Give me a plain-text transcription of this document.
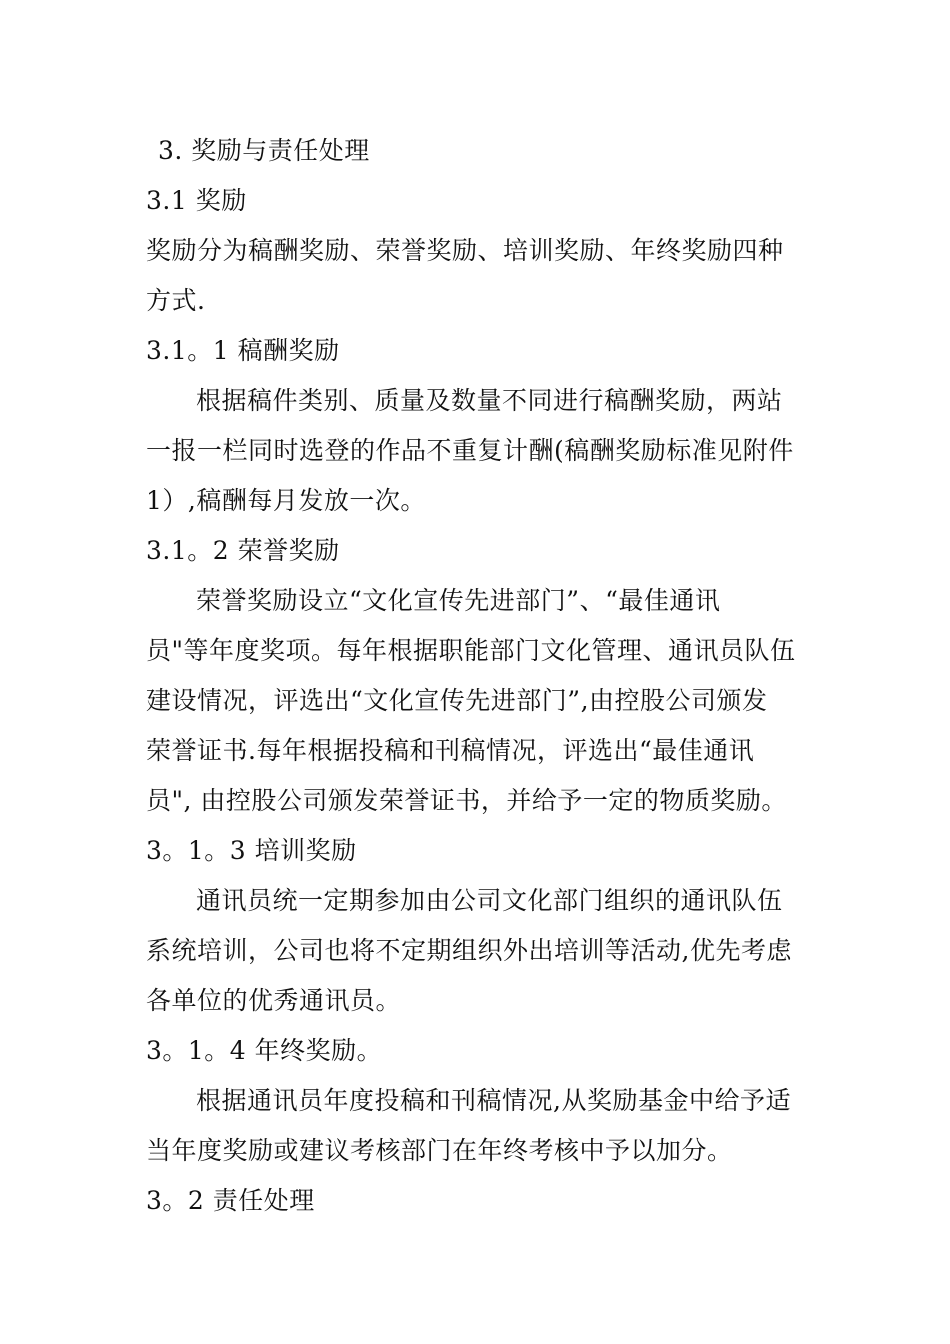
3. 奖励与责任处理
3.1 奖励
奖励分为稿酬奖励、荣誉奖励、培训奖励、年终奖励四种
方式.
3.1。1 稿酬奖励
根据稿件类别、质量及数量不同进行稿酬奖励，两站
一报一栏同时选登的作品不重复计酬(稿酬奖励标准见附件
1）,稿酬每月发放一次。
3.1。2 荣誉奖励
荣誉奖励设立“文化宣传先进部门”、“最佳通讯
员"等年度奖项。每年根据职能部门文化管理、通讯员队伍
建设情况，评选出“文化宣传先进部门”,由控股公司颁发
荣誉证书.每年根据投稿和刊稿情况，评选出“最佳通讯
员", 由控股公司颁发荣誉证书，并给予一定的物质奖励。
3。1。3 培训奖励
通讯员统一定期参加由公司文化部门组织的通讯队伍
系统培训，公司也将不定期组织外出培训等活动,优先考虑
各单位的优秀通讯员。
3。1。4 年终奖励。
根据通讯员年度投稿和刊稿情况,从奖励基金中给予适
当年度奖励或建议考核部门在年终考核中予以加分。
3。2 责任处理
